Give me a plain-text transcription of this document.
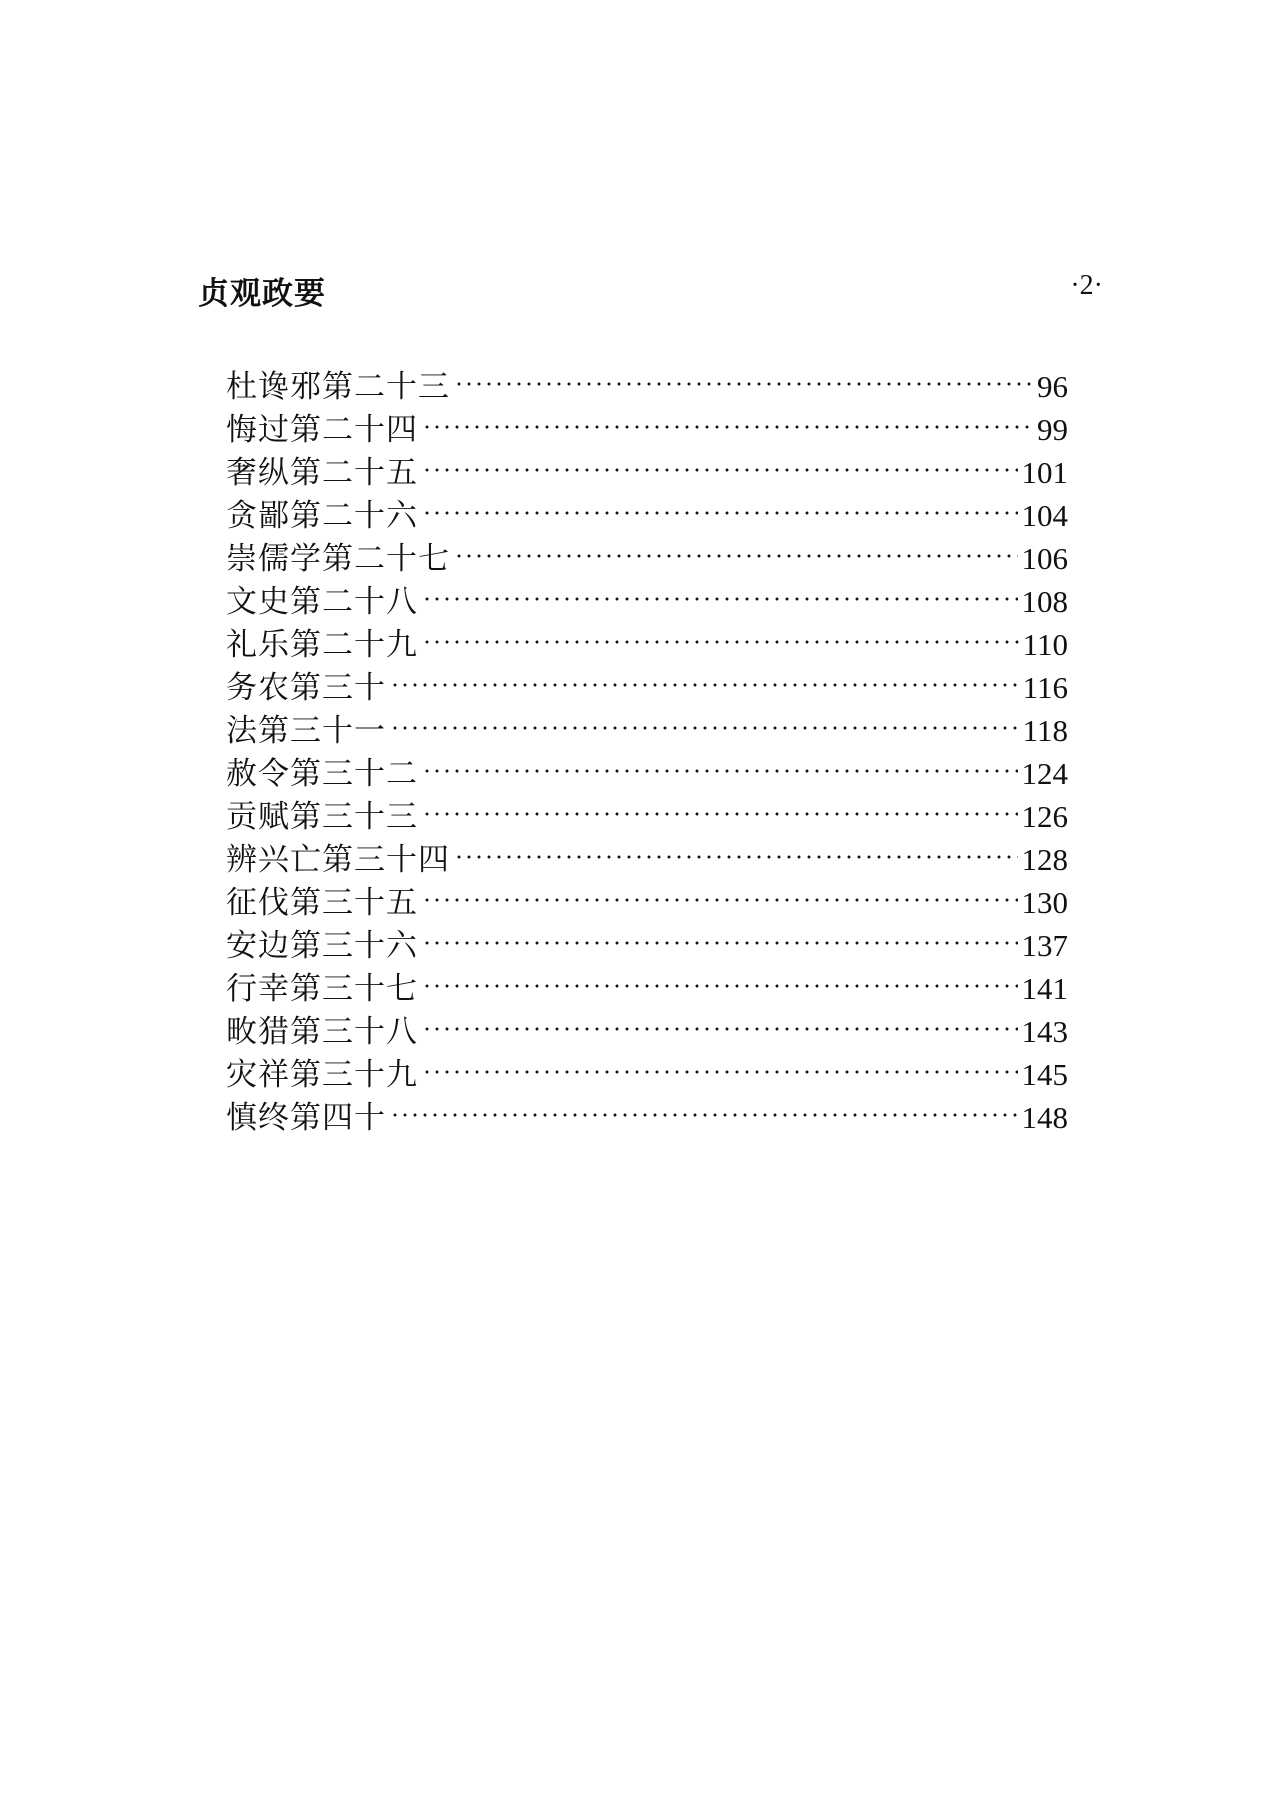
贞观政要	·2·
杜谗邪第二十三	96
悔过第二十四	99
奢纵第二十五	101
贪鄙第二十六	104
崇儒学第二十七	106
文史第二十八	108
礼乐第二十九	110
务农第三十	116
法第三十一	118
赦令第三十二	124
贡赋第三十三	126
辨兴亡第三十四	128
征伐第三十五	130
安边第三十六	137
行幸第三十七	141
畋猎第三十八	143
灾祥第三十九	145
慎终第四十	148
